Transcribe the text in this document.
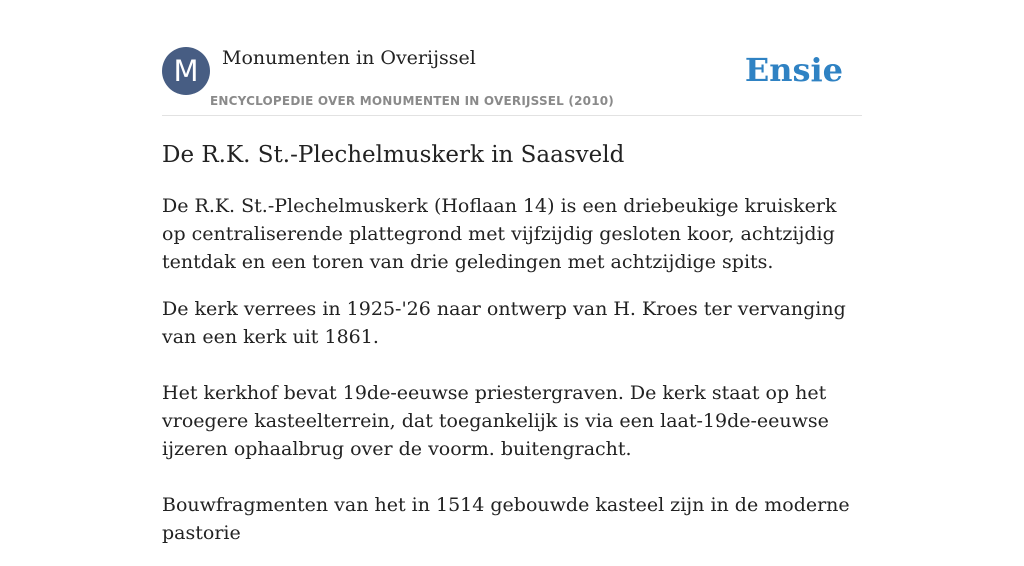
M	Monumenten in Overijssel
ENCYCLOPEDIE OVER MONUMENTEN IN OVERIJSSEL (2010)
Ensie
De R.K. St.-Plechelmuskerk in Saasveld

De R.K. St.-Plechelmuskerk (Hoflaan 14) is een driebeukige kruiskerk op centraliserende plattegrond met vijfzijdig gesloten koor, achtzijdig tentdak en een toren van drie geledingen met achtzijdige spits.

De kerk verrees in 1925-'26 naar ontwerp van H. Kroes ter vervanging van een kerk uit 1861.

Het kerkhof bevat 19de-eeuwse priestergraven. De kerk staat op het vroegere kasteelterrein, dat toegankelijk is via een laat-19de-eeuwse ijzeren ophaalbrug over de voorm. buitengracht.

Bouwfragmenten van het in 1514 gebouwde kasteel zijn in de moderne pastorie
